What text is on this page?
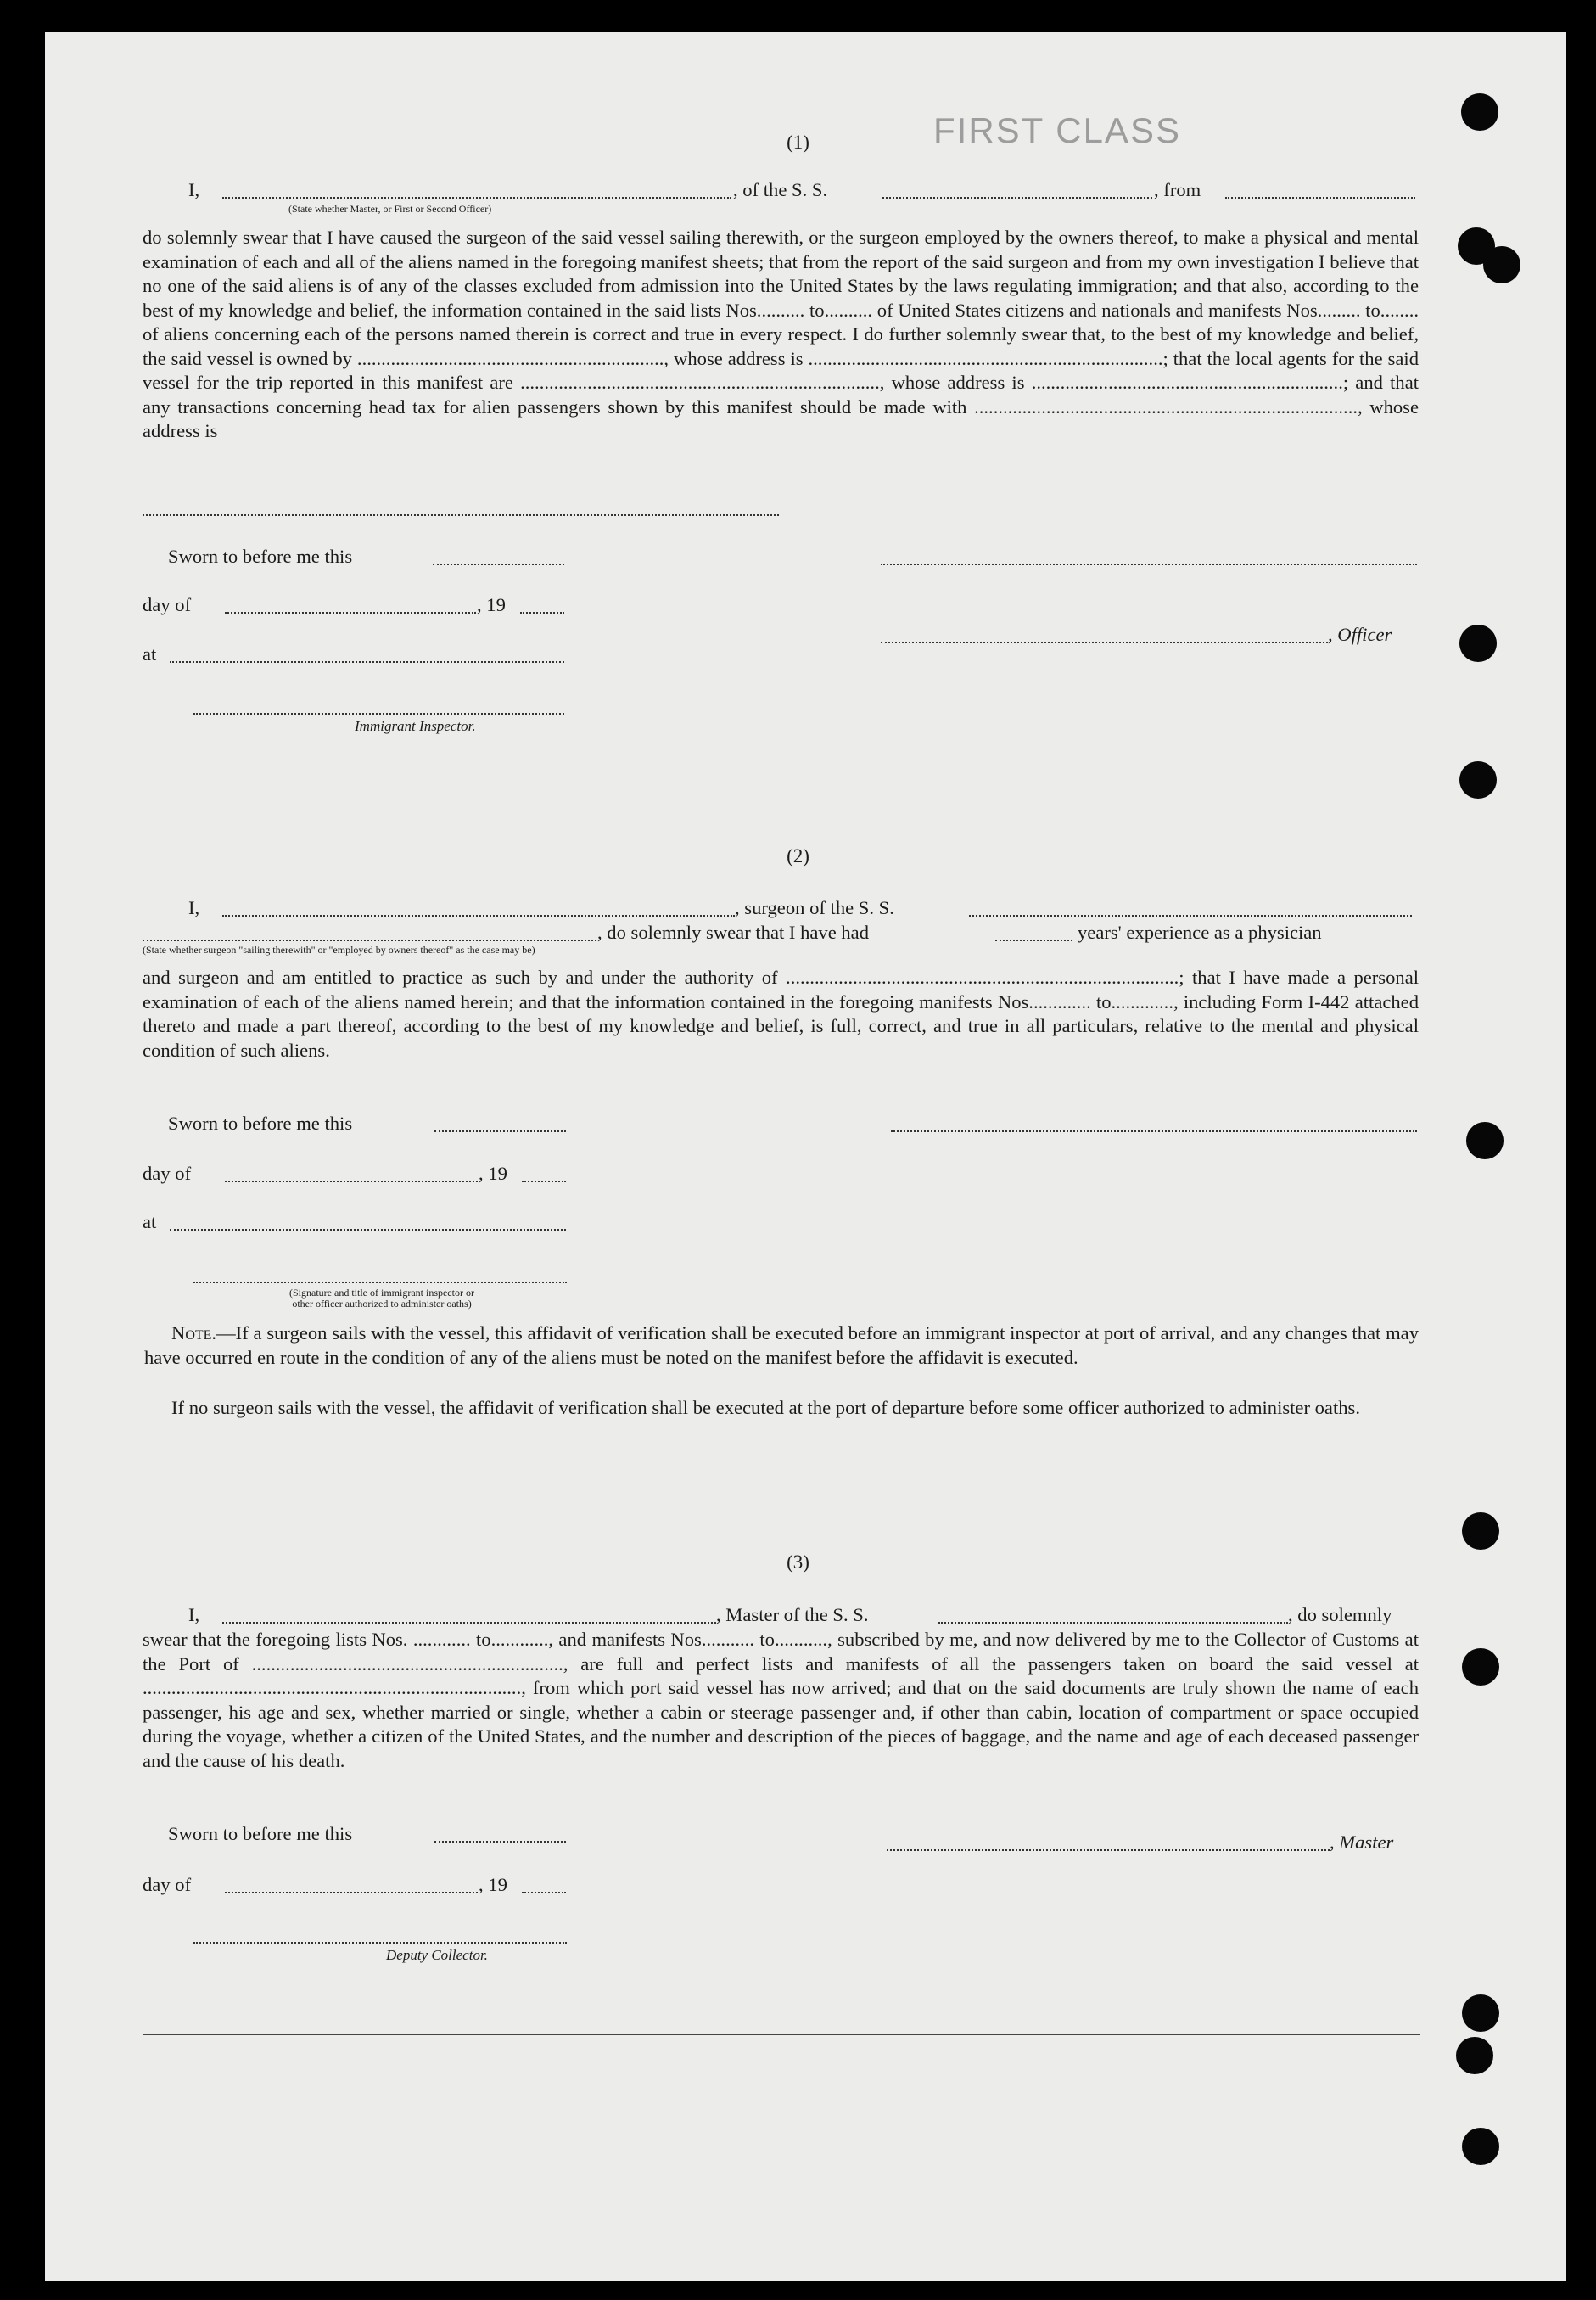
FIRST CLASS
(1)
I,	, of the S. S.	, from
(State whether Master, or First or Second Officer)

do solemnly swear that I have caused the surgeon of the said vessel sailing therewith, or the surgeon employed by the owners thereof, to make a physical and mental examination of each and all of the aliens named in the foregoing manifest sheets; that from the report of the said surgeon and from my own investigation I believe that no one of the said aliens is of any of the classes excluded from admission into the United States by the laws regulating immigration; and that also, according to the best of my knowledge and belief, the information contained in the said lists Nos.......... to.......... of United States citizens and nationals and manifests Nos......... to........ of aliens concerning each of the persons named therein is correct and true in every respect. I do further solemnly swear that, to the best of my knowledge and belief, the said vessel is owned by ................................................................, whose address is ..........................................................................; that the local agents for the said vessel for the trip reported in this manifest are ..........................................................................., whose address is .................................................................; and that any transactions concerning head tax for alien passengers shown by this manifest should be made with ................................................................................, whose address is

Sworn to before me this
day of	, 19
, Officer
at
Immigrant Inspector.
(2)
I,	, surgeon of the S. S.
, do solemnly swear that I have had	years' experience as a physician
(State whether surgeon "sailing therewith" or "employed by owners thereof" as the case may be)

and surgeon and am entitled to practice as such by and under the authority of ..................................................................................; that I have made a personal examination of each of the aliens named herein; and that the information contained in the foregoing manifests Nos............. to............., including Form I-442 attached thereto and made a part thereof, according to the best of my knowledge and belief, is full, correct, and true in all particulars, relative to the mental and physical condition of such aliens.

Sworn to before me this
day of	, 19
at
(Signature and title of immigrant inspector or
other officer authorized to administer oaths)

Note.—If a surgeon sails with the vessel, this affidavit of verification shall be executed before an immigrant inspector at port of arrival, and any changes that may have occurred en route in the condition of any of the aliens must be noted on the manifest before the affidavit is executed.

If no surgeon sails with the vessel, the affidavit of verification shall be executed at the port of departure before some officer authorized to administer oaths.

(3)
I,	, Master of the S. S.	, do solemnly

swear that the foregoing lists Nos. ............ to............, and manifests Nos........... to..........., subscribed by me, and now delivered by me to the Collector of Customs at the Port of ................................................................., are full and perfect lists and manifests of all the passengers taken on board the said vessel at ..............................................................................., from which port said vessel has now arrived; and that on the said documents are truly shown the name of each passenger, his age and sex, whether married or single, whether a cabin or steerage passenger and, if other than cabin, location of compartment or space occupied during the voyage, whether a citizen of the United States, and the number and description of the pieces of baggage, and the name and age of each deceased passenger and the cause of his death.

Sworn to before me this	, Master
day of	, 19
Deputy Collector.
